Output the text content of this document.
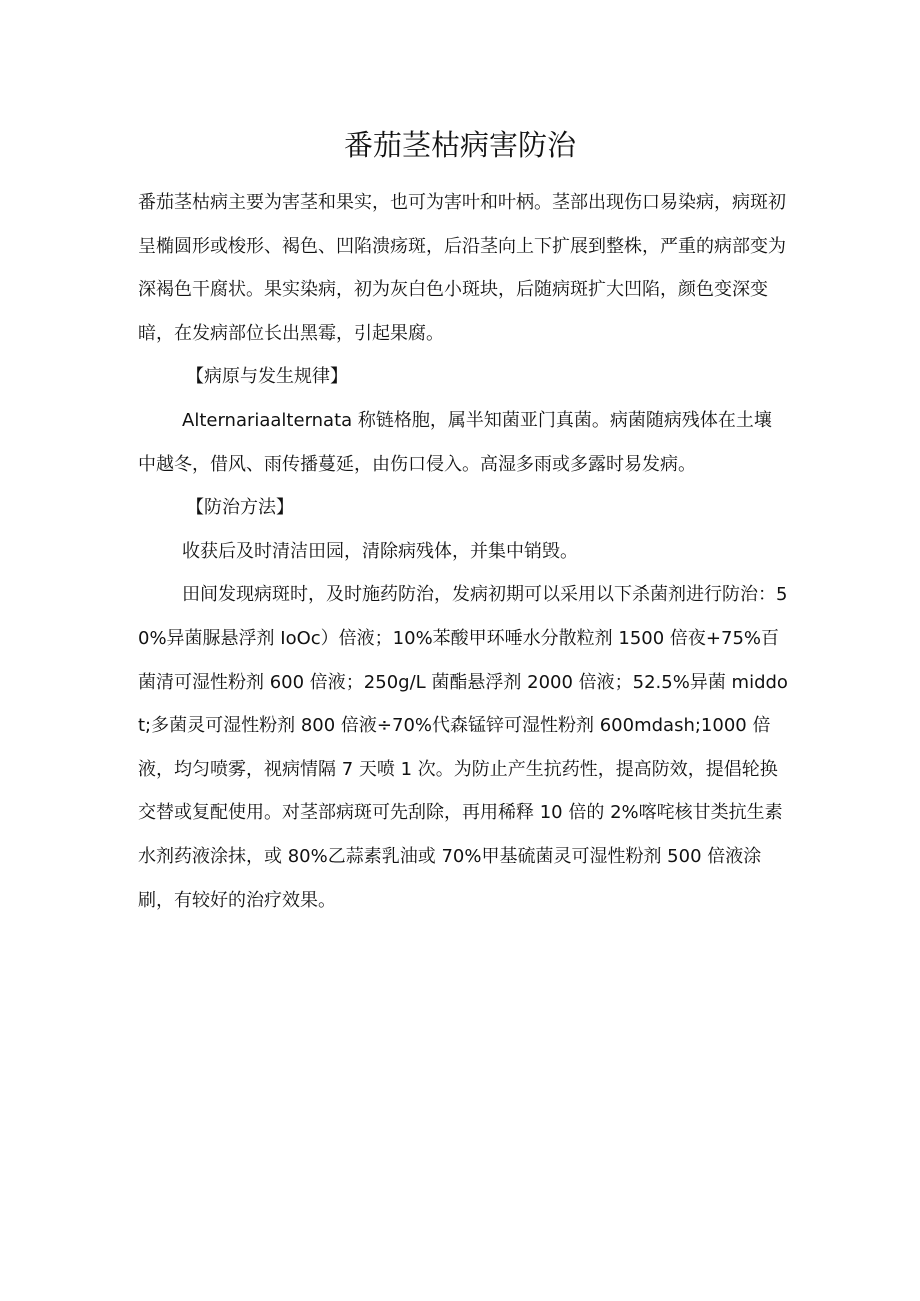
番茄茎枯病害防治

番茄茎枯病主要为害茎和果实，也可为害叶和叶柄。茎部出现伤口易染病，病斑初呈椭圆形或梭形、褐色、凹陷溃疡斑，后沿茎向上下扩展到整株，严重的病部变为深褐色干腐状。果实染病，初为灰白色小斑块，后随病斑扩大凹陷，颜色变深变暗，在发病部位长出黑霉，引起果腐。

【病原与发生规律】

Alternariaalternata 称链格胞，属半知菌亚门真菌。病菌随病残体在土壤中越冬，借风、雨传播蔓延，由伤口侵入。高湿多雨或多露时易发病。

【防治方法】

收获后及时清洁田园，清除病残体，并集中销毁。

田间发现病斑时，及时施药防治，发病初期可以采用以下杀菌剂进行防治：50%异菌脲悬浮剂 IoOc）倍液；10%苯酸甲环唾水分散粒剂 1500 倍夜+75%百菌清可湿性粉剂 600 倍液；250g/L 菌酯悬浮剂 2000 倍液；52.5%异菌 middot;多菌灵可湿性粉剂 800 倍液÷70%代森锰锌可湿性粉剂 600mdash;1000 倍液，均匀喷雾，视病情隔 7 天喷 1 次。为防止产生抗药性，提高防效，提倡轮换交替或复配使用。对茎部病斑可先刮除，再用稀释 10 倍的 2%喀咤核甘类抗生素水剂药液涂抹，或 80%乙蒜素乳油或 70%甲基硫菌灵可湿性粉剂 500 倍液涂刷，有较好的治疗效果。
